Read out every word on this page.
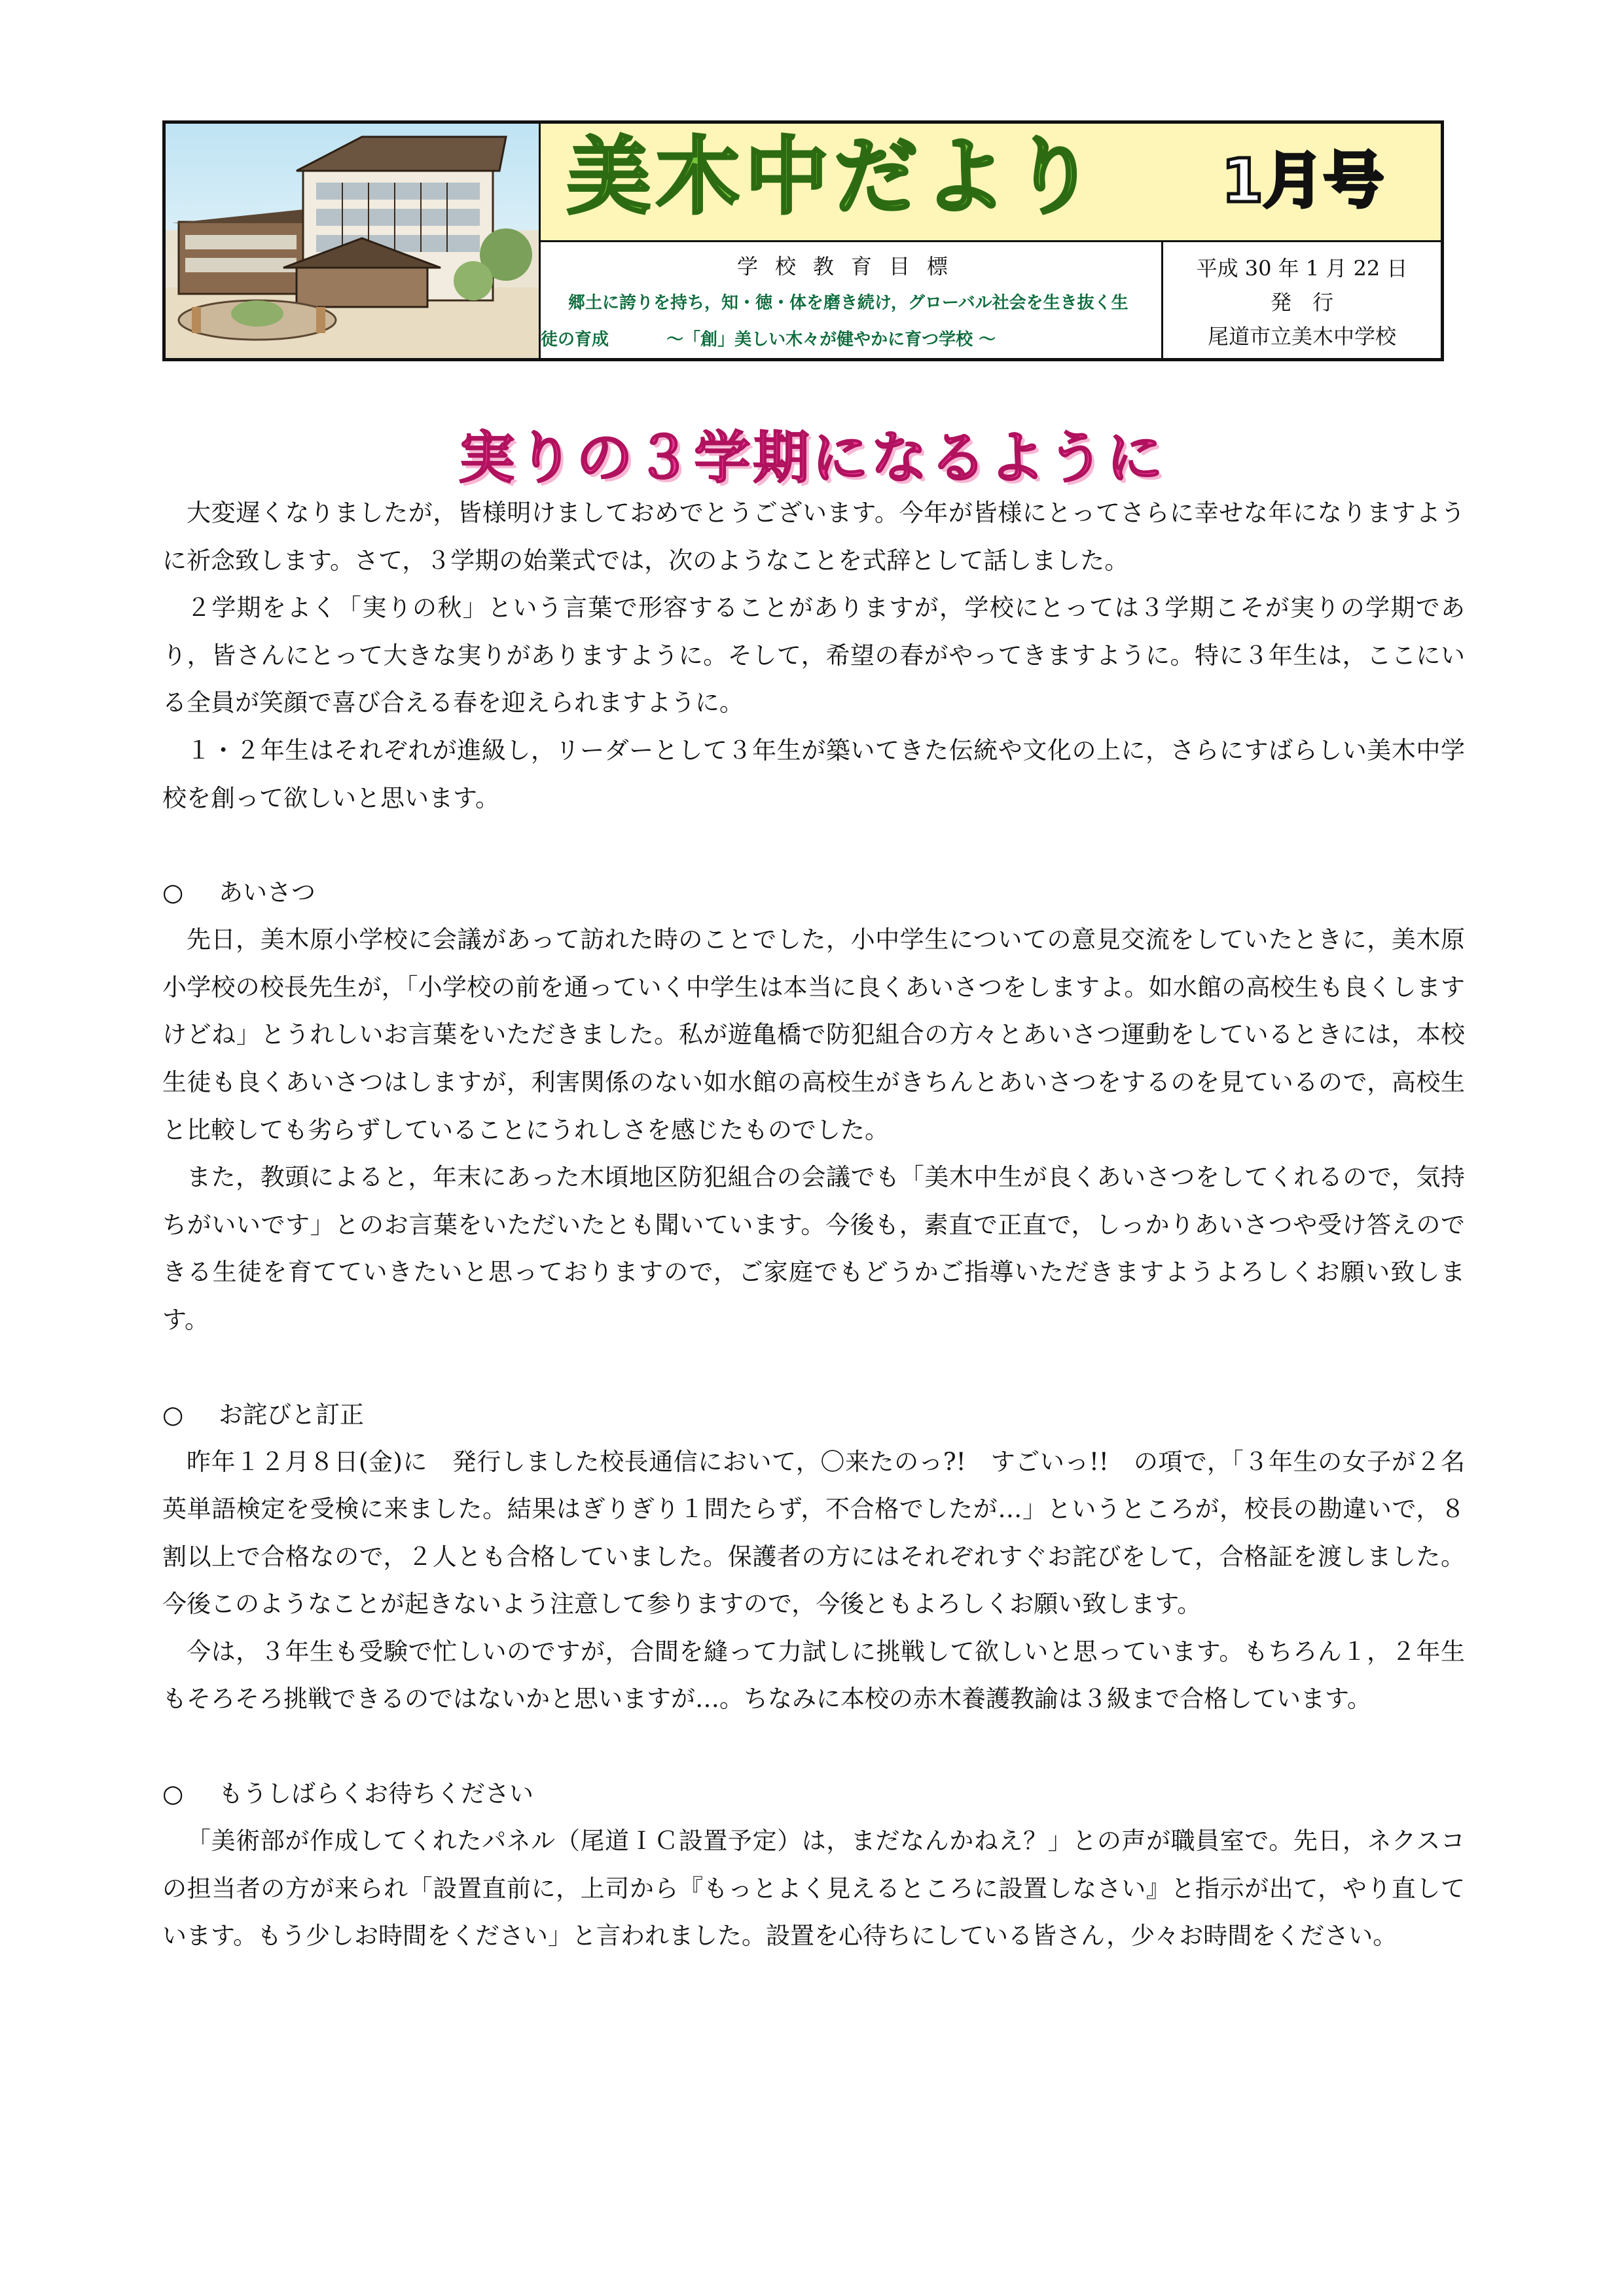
美木中だより 1月号
学校教育目標
郷土に誇りを持ち，知・徳・体を磨き続け，グローバル社会を生き抜く生
徒の育成	～「創」美しい木々が健やかに育つ学校 ～
平成 30 年 1 月 22 日
発　行
尾道市立美木中学校
実りの３学期になるように

大変遅くなりましたが，皆様明けましておめでとうございます。今年が皆様にとってさらに幸せな年になりますように祈念致します。さて，３学期の始業式では，次のようなことを式辞として話しました。

２学期をよく「実りの秋」という言葉で形容することがありますが，学校にとっては３学期こそが実りの学期であり，皆さんにとって大きな実りがありますように。そして，希望の春がやってきますように。特に３年生は，ここにいる全員が笑顔で喜び合える春を迎えられますように。

１・２年生はそれぞれが進級し，リーダーとして３年生が築いてきた伝統や文化の上に，さらにすばらしい美木中学校を創って欲しいと思います。

○ あいさつ

先日，美木原小学校に会議があって訪れた時のことでした，小中学生についての意見交流をしていたときに，美木原小学校の校長先生が，「小学校の前を通っていく中学生は本当に良くあいさつをしますよ。如水館の高校生も良くしますけどね」とうれしいお言葉をいただきました。私が遊亀橋で防犯組合の方々とあいさつ運動をしているときには，本校生徒も良くあいさつはしますが，利害関係のない如水館の高校生がきちんとあいさつをするのを見ているので，高校生と比較しても劣らずしていることにうれしさを感じたものでした。

また，教頭によると，年末にあった木頃地区防犯組合の会議でも「美木中生が良くあいさつをしてくれるので，気持ちがいいです」とのお言葉をいただいたとも聞いています。今後も，素直で正直で，しっかりあいさつや受け答えのできる生徒を育てていきたいと思っておりますので，ご家庭でもどうかご指導いただきますようよろしくお願い致します。

○ お詫びと訂正

昨年１２月８日(金)に　発行しました校長通信において，〇来たのっ?!　すごいっ!!　の項で，「３年生の女子が２名英単語検定を受検に来ました。結果はぎりぎり１問たらず，不合格でしたが…」というところが，校長の勘違いで，８割以上で合格なので，２人とも合格していました。保護者の方にはそれぞれすぐお詫びをして，合格証を渡しました。今後このようなことが起きないよう注意して参りますので，今後ともよろしくお願い致します。

今は，３年生も受験で忙しいのですが，合間を縫って力試しに挑戦して欲しいと思っています。もちろん１，２年生もそろそろ挑戦できるのではないかと思いますが…。ちなみに本校の赤木養護教諭は３級まで合格しています。

○ もうしばらくお待ちください

「美術部が作成してくれたパネル（尾道ＩＣ設置予定）は，まだなんかねえ？」との声が職員室で。先日，ネクスコの担当者の方が来られ「設置直前に，上司から『もっとよく見えるところに設置しなさい』と指示が出て，やり直しています。もう少しお時間をください」と言われました。設置を心待ちにしている皆さん，少々お時間をください。
